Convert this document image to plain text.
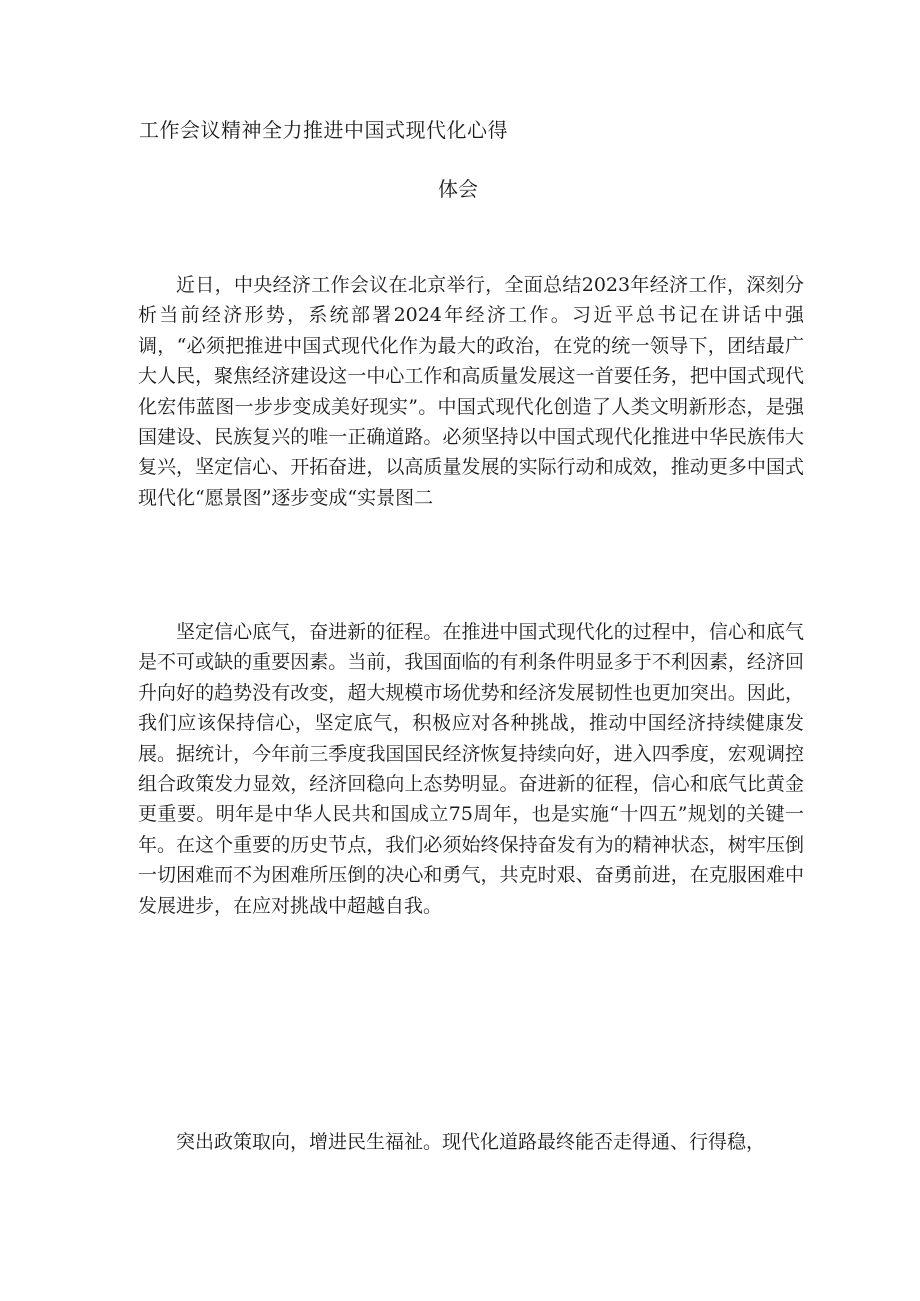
工作会议精神全力推进中国式现代化心得
体会

近日，中央经济工作会议在北京举行，全面总结2023年经济工作，深刻分析当前经济形势，系统部署2024年经济工作。习近平总书记在讲话中强调，“必须把推进中国式现代化作为最大的政治，在党的统一领导下，团结最广大人民，聚焦经济建设这一中心工作和高质量发展这一首要任务，把中国式现代化宏伟蓝图一步步变成美好现实”。中国式现代化创造了人类文明新形态，是强国建设、民族复兴的唯一正确道路。必须坚持以中国式现代化推进中华民族伟大复兴，坚定信心、开拓奋进，以高质量发展的实际行动和成效，推动更多中国式现代化“愿景图”逐步变成“实景图二

坚定信心底气，奋进新的征程。在推进中国式现代化的过程中，信心和底气是不可或缺的重要因素。当前，我国面临的有利条件明显多于不利因素，经济回升向好的趋势没有改变，超大规模市场优势和经济发展韧性也更加突出。因此，我们应该保持信心，坚定底气，积极应对各种挑战，推动中国经济持续健康发展。据统计，今年前三季度我国国民经济恢复持续向好，进入四季度，宏观调控组合政策发力显效，经济回稳向上态势明显。奋进新的征程，信心和底气比黄金更重要。明年是中华人民共和国成立75周年，也是实施“十四五”规划的关键一年。在这个重要的历史节点，我们必须始终保持奋发有为的精神状态，树牢压倒一切困难而不为困难所压倒的决心和勇气，共克时艰、奋勇前进，在克服困难中发展进步，在应对挑战中超越自我。

突出政策取向，增进民生福祉。现代化道路最终能否走得通、行得稳，
